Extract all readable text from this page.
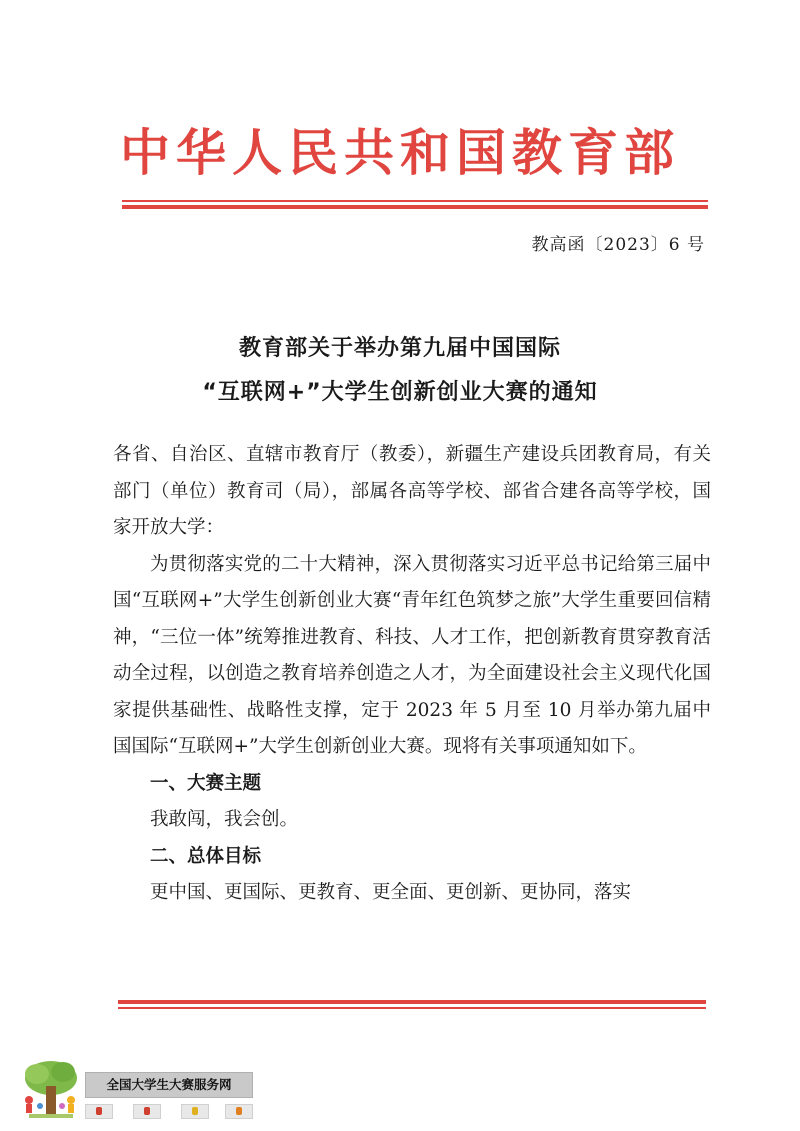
中华人民共和国教育部
教高函〔2023〕6 号
教育部关于举办第九届中国国际
“互联网+”大学生创新创业大赛的通知

各省、自治区、直辖市教育厅（教委），新疆生产建设兵团教育局，有关部门（单位）教育司（局），部属各高等学校、部省合建各高等学校，国家开放大学：

为贯彻落实党的二十大精神，深入贯彻落实习近平总书记给第三届中国“互联网+”大学生创新创业大赛“青年红色筑梦之旅”大学生重要回信精神，“三位一体”统筹推进教育、科技、人才工作，把创新教育贯穿教育活动全过程，以创造之教育培养创造之人才，为全面建设社会主义现代化国家提供基础性、战略性支撑，定于 2023 年 5 月至 10 月举办第九届中国国际“互联网+”大学生创新创业大赛。现将有关事项通知如下。

一、大赛主题

我敢闯，我会创。

二、总体目标

更中国、更国际、更教育、更全面、更创新、更协同，落实

全国大学生大赛服务网
